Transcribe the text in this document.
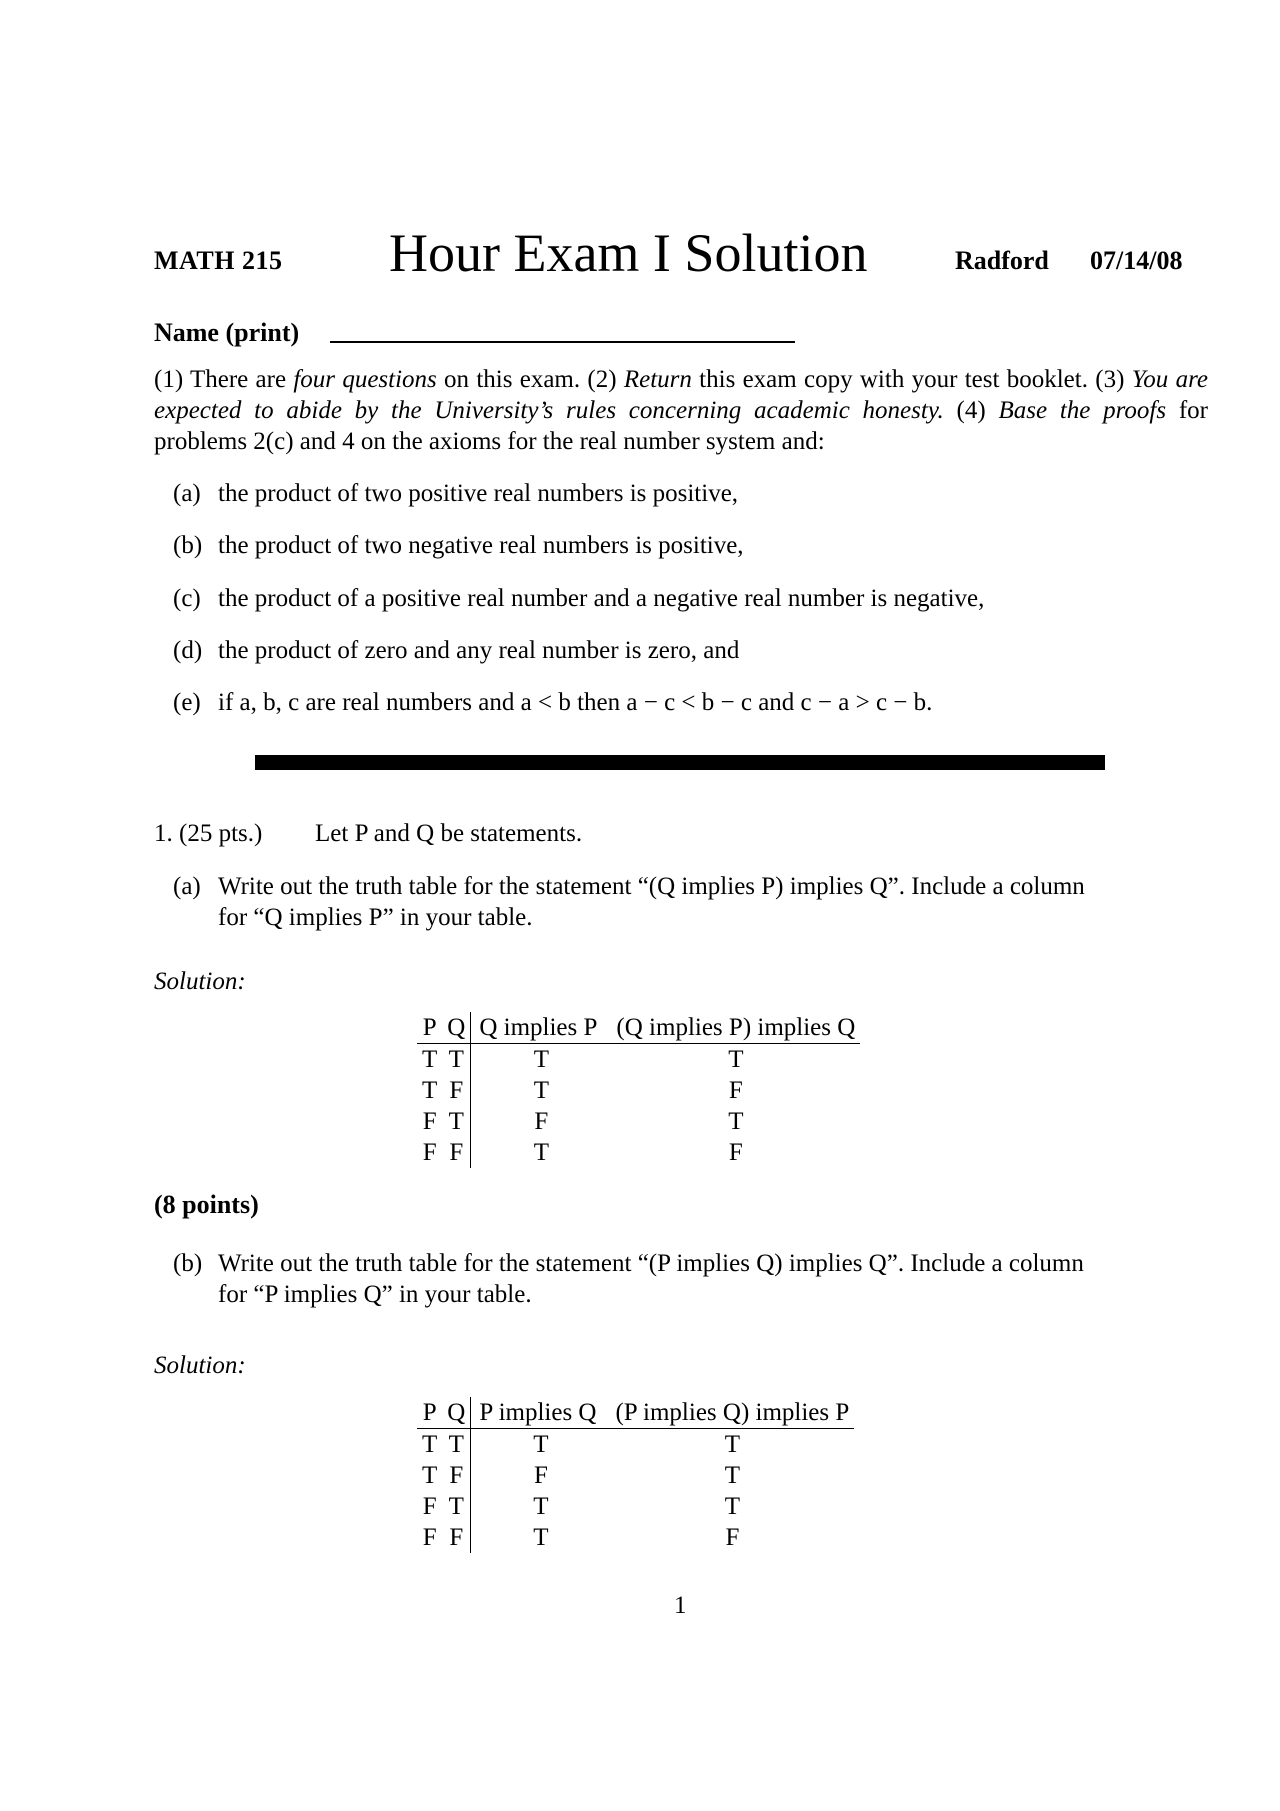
MATH 215 Hour Exam I Solution	Radford 07/14/08
Name (print)
(1) There are four questions on this exam. (2) Return this exam copy with your test booklet. (3) You are expected to abide by the University’s rules concerning academic honesty. (4) Base the proofs for problems 2(c) and 4 on the axioms for the real number system and:
(a) the product of two positive real numbers is positive,
(b) the product of two negative real numbers is positive,
(c) the product of a positive real number and a negative real number is negative,
(d) the product of zero and any real number is zero, and
(e) if a, b, c are real numbers and a < b then a − c < b − c and c − a > c − b.
1. (25 pts.) Let P and Q be statements.
(a) Write out the truth table for the statement “(Q implies P) implies Q”. Include a column
for “Q implies P” in your table.
Solution:
P	Q	Q implies P	(Q implies P) implies Q
T	T	T	T
T	F	T	F
F	T	F	T
F	F	T	F
(8 points)
(b) Write out the truth table for the statement “(P implies Q) implies Q”. Include a column
for “P implies Q” in your table.
Solution:
P	Q	P implies Q	(P implies Q) implies P
T	T	T	T
T	F	F	T
F	T	T	T
F	F	T	F
1
